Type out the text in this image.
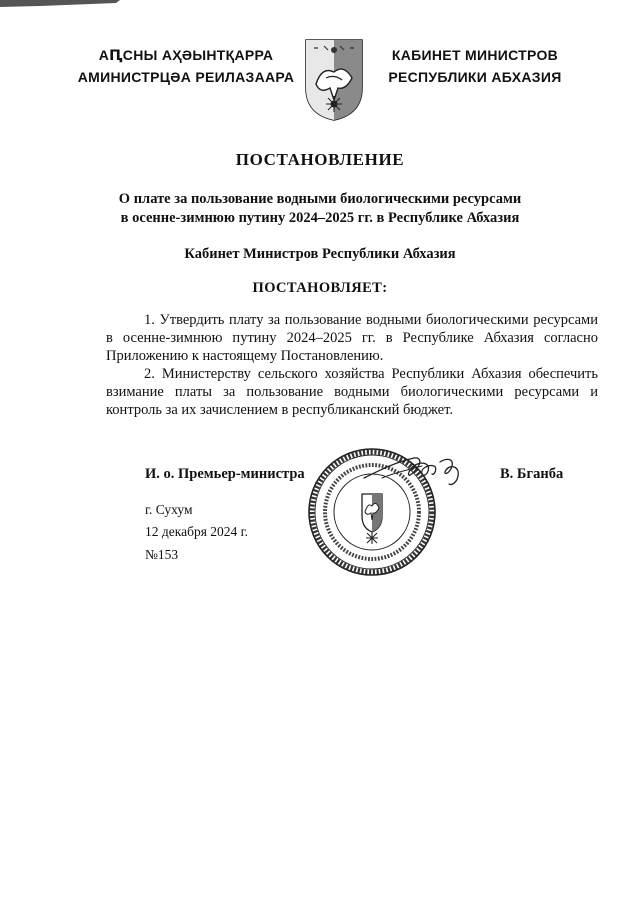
АԤСНЫ АҲӘЫНТҚАРРА
АМИНИСТРЦӘА РЕИЛАЗААРА
КАБИНЕТ МИНИСТРОВ
РЕСПУБЛИКИ АБХАЗИЯ
ПОСТАНОВЛЕНИЕ
О плате за пользование водными биологическими ресурсами
в осенне-зимнюю путину 2024–2025 гг. в Республике Абхазия
Кабинет Министров Республики Абхазия
ПОСТАНОВЛЯЕТ:

1. Утвердить плату за пользование водными биологическими ресурсами в осенне-зимнюю путину 2024–2025 гг. в Республике Абхазия согласно Приложению к настоящему Постановлению.

2. Министерству сельского хозяйства Республики Абхазия обеспечить взимание платы за пользование водными биологическими ресурсами и контроль за их зачислением в республиканский бюджет.

И. о. Премьер-министра	В. Бганба
г. Сухум
12 декабря 2024 г.
№153
